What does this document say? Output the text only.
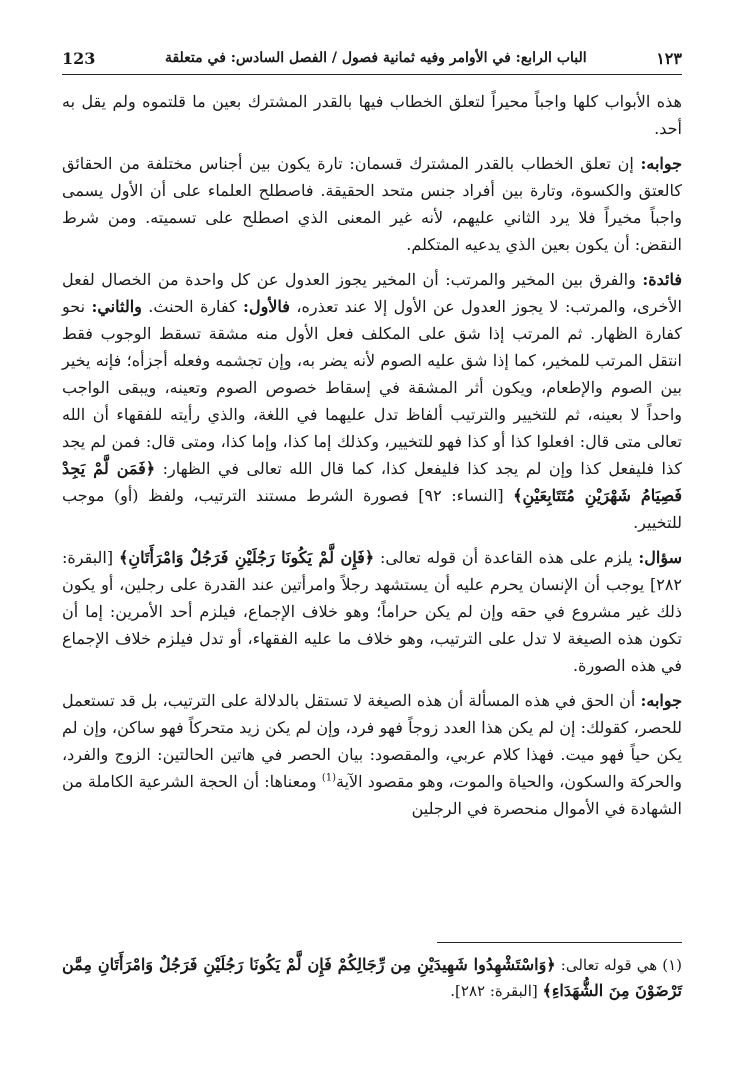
123	الباب الرابع: في الأوامر وفيه ثمانية فصول / الفصل السادس: في متعلقة	١٢٣

هذه الأبواب كلها واجباً محيراً لتعلق الخطاب فيها بالقدر المشترك بعين ما قلتموه ولم يقل به أحد.

جوابه: إن تعلق الخطاب بالقدر المشترك قسمان: تارة يكون بين أجناس مختلفة من الحقائق كالعتق والكسوة، وتارة بين أفراد جنس متحد الحقيقة. فاصطلح العلماء على أن الأول يسمى واجباً مخيراً فلا يرد الثاني عليهم، لأنه غير المعنى الذي اصطلح على تسميته. ومن شرط النقض: أن يكون بعين الذي يدعيه المتكلم.

فائدة: والفرق بين المخير والمرتب: أن المخير يجوز العدول عن كل واحدة من الخصال لفعل الأخرى، والمرتب: لا يجوز العدول عن الأول إلا عند تعذره، فالأول: كفارة الحنث. والثاني: نحو كفارة الظهار. ثم المرتب إذا شق على المكلف فعل الأول منه مشقة تسقط الوجوب فقط انتقل المرتب للمخير، كما إذا شق عليه الصوم لأنه يضر به، وإن تجشمه وفعله أجزأه؛ فإنه يخير بين الصوم والإطعام، ويكون أثر المشقة في إسقاط خصوص الصوم وتعينه، ويبقى الواجب واحداً لا بعينه، ثم للتخيير والترتيب ألفاظ تدل عليهما في اللغة، والذي رأيته للفقهاء أن الله تعالى متى قال: افعلوا كذا أو كذا فهو للتخيير، وكذلك إما كذا، وإما كذا، ومتى قال: فمن لم يجد كذا فليفعل كذا وإن لم يجد كذا فليفعل كذا، كما قال الله تعالى في الظهار: ﴿فَمَن لَّمْ يَجِدْ فَصِيَامُ شَهْرَيْنِ مُتَتَابِعَيْنِ﴾ [النساء: ٩٢] فصورة الشرط مستند الترتيب، ولفظ (أو) موجب للتخيير.

سؤال: يلزم على هذه القاعدة أن قوله تعالى: ﴿فَإِن لَّمْ يَكُونَا رَجُلَيْنِ فَرَجُلٌ وَامْرَأَتَانِ﴾ [البقرة: ٢٨٢] يوجب أن الإنسان يحرم عليه أن يستشهد رجلاً وامرأتين عند القدرة على رجلين، أو يكون ذلك غير مشروع في حقه وإن لم يكن حراماً؛ وهو خلاف الإجماع، فيلزم أحد الأمرين: إما أن تكون هذه الصيغة لا تدل على الترتيب، وهو خلاف ما عليه الفقهاء، أو تدل فيلزم خلاف الإجماع في هذه الصورة.

جوابه: أن الحق في هذه المسألة أن هذه الصيغة لا تستقل بالدلالة على الترتيب، بل قد تستعمل للحصر، كقولك: إن لم يكن هذا العدد زوجاً فهو فرد، وإن لم يكن زيد متحركاً فهو ساكن، وإن لم يكن حياً فهو ميت. فهذا كلام عربي، والمقصود: بيان الحصر في هاتين الحالتين: الزوج والفرد، والحركة والسكون، والحياة والموت، وهو مقصود الآية$^{(1)}$ ومعناها: أن الحجة الشرعية الكاملة من الشهادة في الأموال منحصرة في الرجلين

(١) هي قوله تعالى: ﴿وَاسْتَشْهِدُوا شَهِيدَيْنِ مِن رِّجَالِكُمْ فَإِن لَّمْ يَكُونَا رَجُلَيْنِ فَرَجُلٌ وَامْرَأَتَانِ مِمَّن تَرْضَوْنَ مِنَ الشُّهَدَاءِ﴾ [البقرة: ٢٨٢].
